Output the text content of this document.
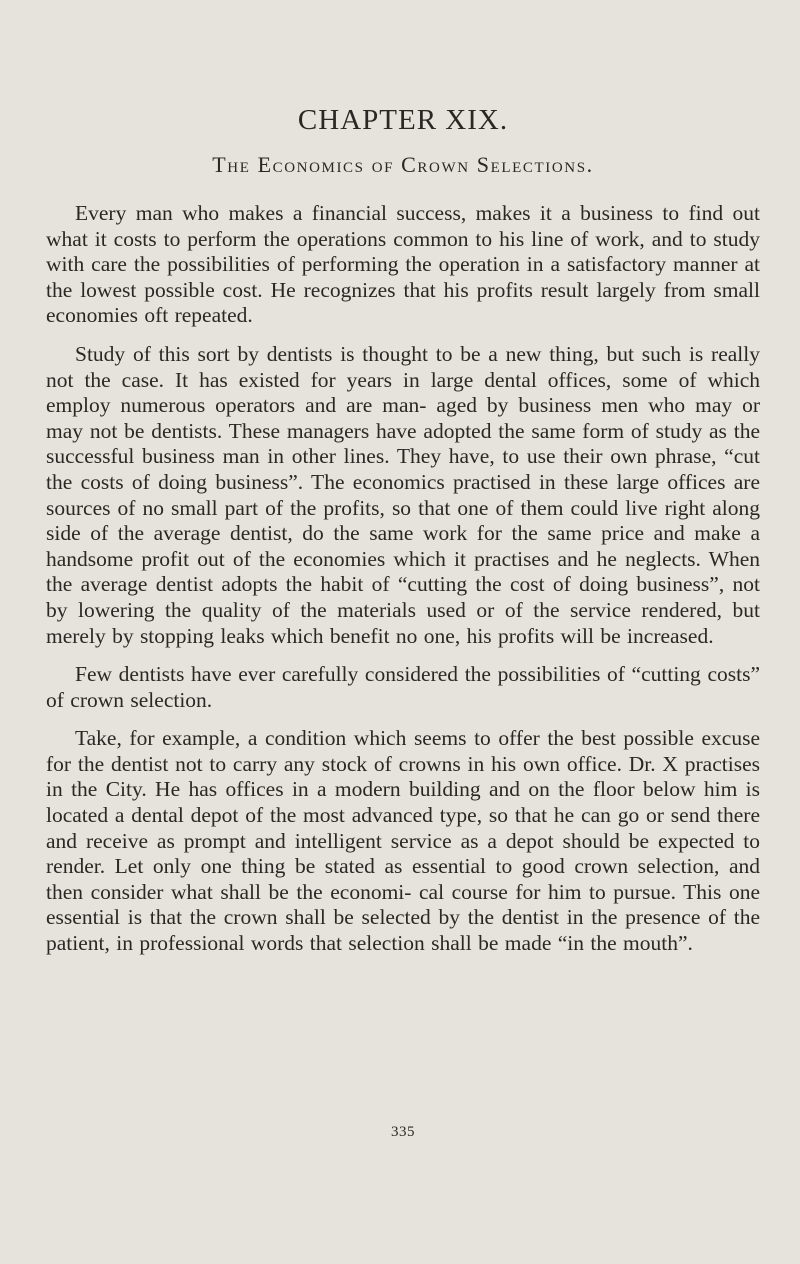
CHAPTER XIX.
The Economics of Crown Selections.

Every man who makes a financial success, makes it a business to find out what it costs to perform the operations common to his line of work, and to study with care the possibilities of performing the operation in a satisfactory manner at the lowest possible cost. He recognizes that his profits result largely from small economies oft repeated.

Study of this sort by dentists is thought to be a new thing, but such is really not the case. It has existed for years in large dental offices, some of which employ numerous operators and are man- aged by business men who may or may not be dentists. These managers have adopted the same form of study as the successful business man in other lines. They have, to use their own phrase, “cut the costs of doing business”. The economics practised in these large offices are sources of no small part of the profits, so that one of them could live right along side of the average dentist, do the same work for the same price and make a handsome profit out of the economies which it practises and he neglects. When the average dentist adopts the habit of “cutting the cost of doing business”, not by lowering the quality of the materials used or of the service rendered, but merely by stopping leaks which benefit no one, his profits will be increased.

Few dentists have ever carefully considered the possibilities of “cutting costs” of crown selection.

Take, for example, a condition which seems to offer the best possible excuse for the dentist not to carry any stock of crowns in his own office. Dr. X practises in the City. He has offices in a modern building and on the floor below him is located a dental depot of the most advanced type, so that he can go or send there and receive as prompt and intelligent service as a depot should be expected to render. Let only one thing be stated as essential to good crown selection, and then consider what shall be the economi- cal course for him to pursue. This one essential is that the crown shall be selected by the dentist in the presence of the patient, in professional words that selection shall be made “in the mouth”.

335
